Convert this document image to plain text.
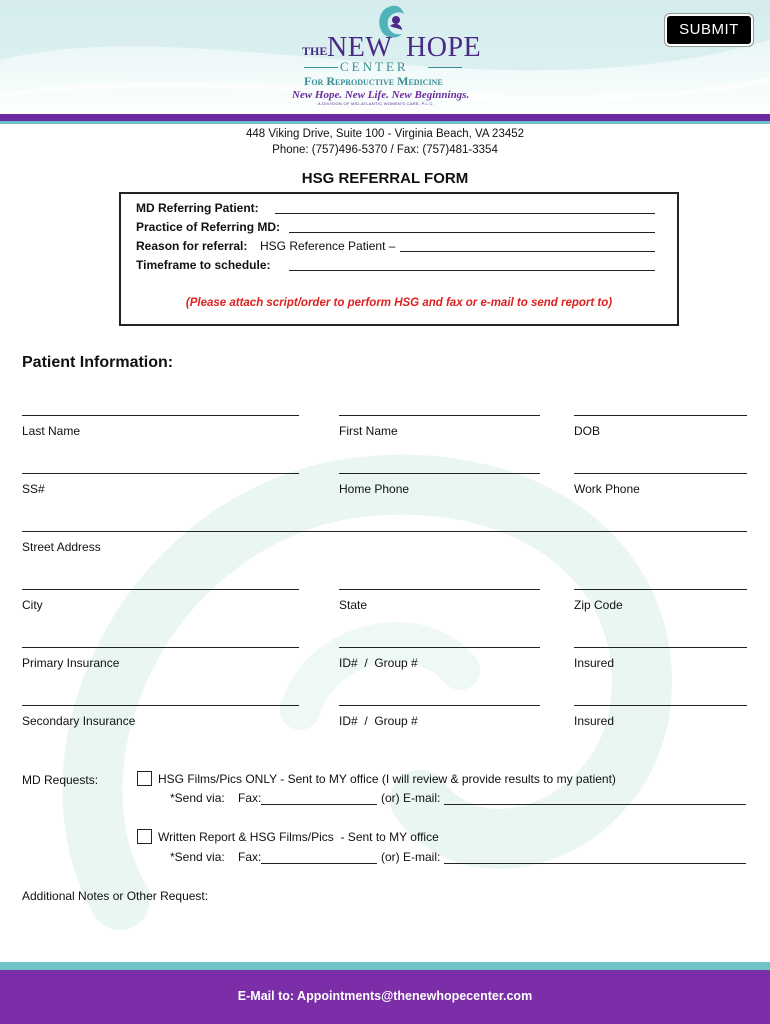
THE NEW HOPE
CENTER
For Reproductive Medicine
New Hope. New Life. New Beginnings.
A DIVISION OF MID-ATLANTIC WOMEN'S CARE, P.L.C.
SUBMIT
448 Viking Drive, Suite 100 - Virginia Beach, VA 23452
Phone: (757)496-5370 / Fax: (757)481-3354
HSG REFERRAL FORM
MD Referring Patient:
Practice of Referring MD:
Reason for referral: HSG Reference Patient –
Timeframe to schedule:
(Please attach script/order to perform HSG and fax or e-mail to send report to)
Patient Information:
Last Name	First Name	DOB
SS#	Home Phone	Work Phone
Street Address
City	State	Zip Code
Primary Insurance	ID#  /  Group #	Insured
Secondary Insurance	ID#  /  Group #	Insured
MD Requests:	HSG Films/Pics ONLY - Sent to MY office (I will review & provide results to my patient)
*Send via: Fax:	(or) E-mail:
Written Report & HSG Films/Pics  - Sent to MY office
*Send via: Fax:	(or) E-mail:
Additional Notes or Other Request:
E-Mail to: Appointments@thenewhopecenter.com
